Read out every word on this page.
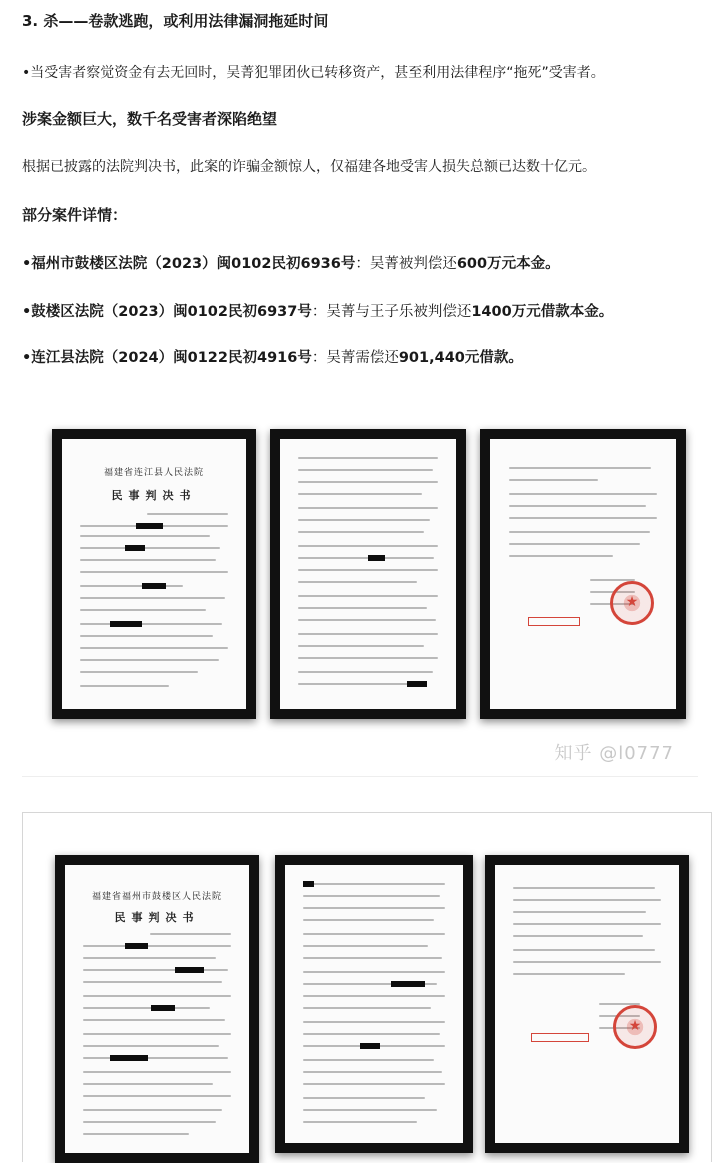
3. 杀——卷款逃跑，或利用法律漏洞拖延时间
•当受害者察觉资金有去无回时，吴菁犯罪团伙已转移资产，甚至利用法律程序“拖死”受害者。
涉案金额巨大，数千名受害者深陷绝望
根据已披露的法院判决书，此案的诈骗金额惊人，仅福建各地受害人损失总额已达数十亿元。
部分案件详情：
•福州市鼓楼区法院（2023）闽0102民初6936号：吴菁被判偿还600万元本金。
•鼓楼区法院（2023）闽0102民初6937号：吴菁与王子乐被判偿还1400万元借款本金。
•连江县法院（2024）闽0122民初4916号：吴菁需偿还901,440元借款。
福建省连江县人民法院
民事判决书
★
知乎 @l0777
福建省福州市鼓楼区人民法院
民事判决书
★
